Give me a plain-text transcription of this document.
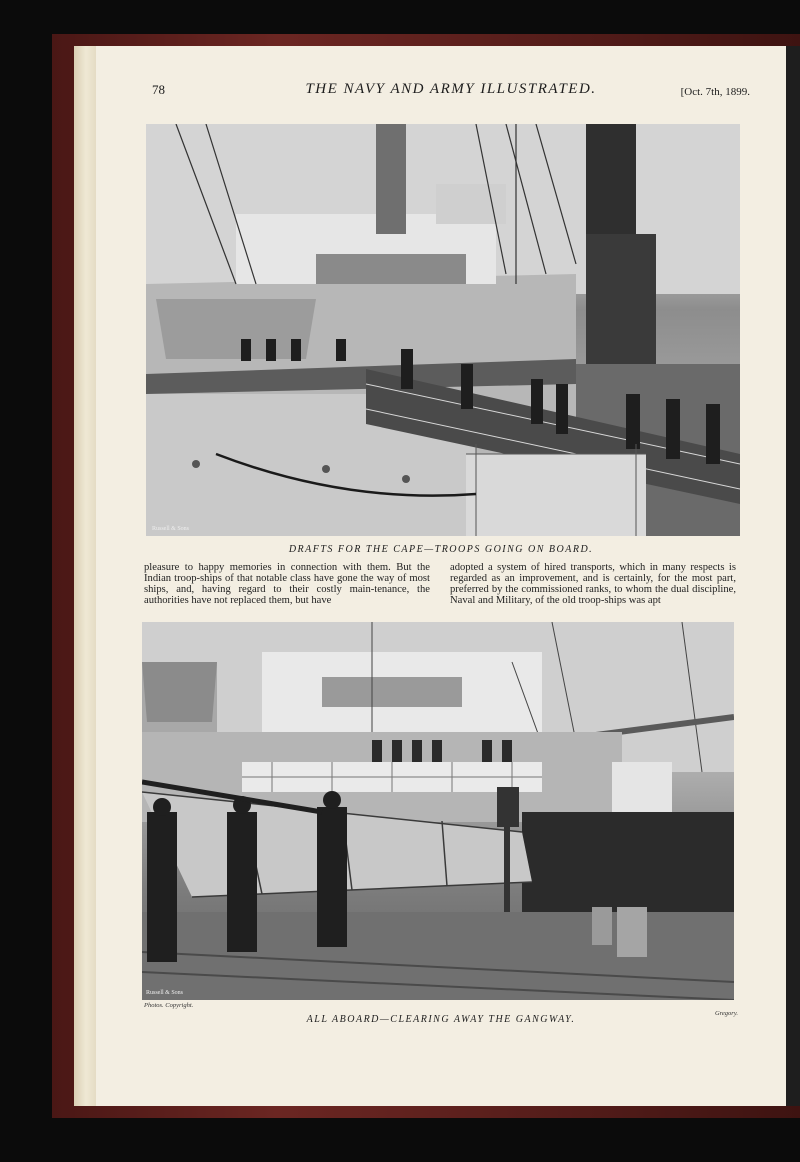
78	THE NAVY AND ARMY ILLUSTRATED.	[Oct. 7th, 1899.
Russell & Sons
DRAFTS FOR THE CAPE—TROOPS GOING ON BOARD.
pleasure to happy memories in connection with them. But the Indian troop-ships of that notable class have gone the way of most ships, and, having regard to their costly main-tenance, the authorities have not replaced them, but have
adopted a system of hired transports, which in many respects is regarded as an improvement, and is certainly, for the most part, preferred by the commissioned ranks, to whom the dual discipline, Naval and Military, of the old troop-ships was apt
Russell & Sons
Photos. Copyright.
Gregory.
ALL ABOARD—CLEARING AWAY THE GANGWAY.
